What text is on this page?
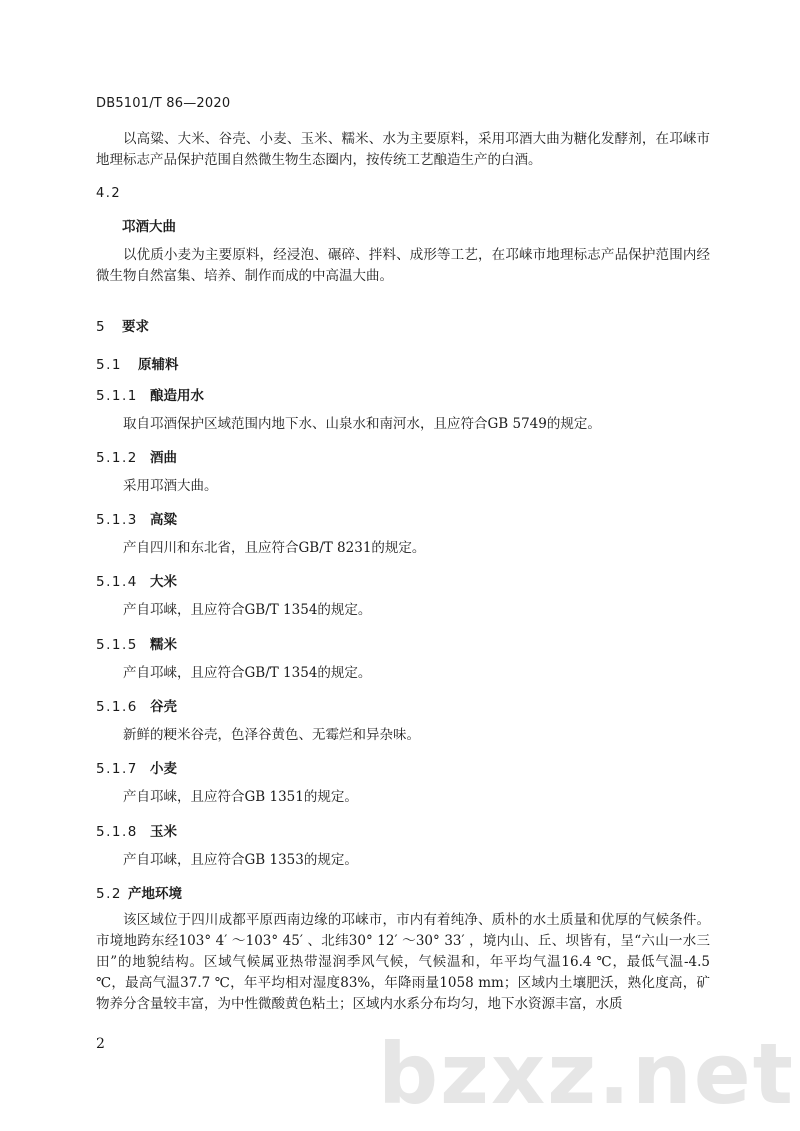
DB5101/T 86—2020

以高粱、大米、谷壳、小麦、玉米、糯米、水为主要原料，采用邛酒大曲为糖化发酵剂，在邛崃市地理标志产品保护范围自然微生物生态圈内，按传统工艺酿造生产的白酒。

4.2
邛酒大曲

以优质小麦为主要原料，经浸泡、碾碎、拌料、成形等工艺，在邛崃市地理标志产品保护范围内经微生物自然富集、培养、制作而成的中高温大曲。

5 要求
5.1 原辅料
5.1.1 酿造用水

取自邛酒保护区域范围内地下水、山泉水和南河水，且应符合GB 5749的规定。

5.1.2 酒曲

采用邛酒大曲。

5.1.3 高粱

产自四川和东北省，且应符合GB/T 8231的规定。

5.1.4 大米

产自邛崃，且应符合GB/T 1354的规定。

5.1.5 糯米

产自邛崃，且应符合GB/T 1354的规定。

5.1.6 谷壳

新鲜的粳米谷壳，色泽谷黄色、无霉烂和异杂味。

5.1.7 小麦

产自邛崃，且应符合GB 1351的规定。

5.1.8 玉米

产自邛崃，且应符合GB 1353的规定。

5.2 产地环境

该区域位于四川成都平原西南边缘的邛崃市，市内有着纯净、质朴的水土质量和优厚的气候条件。市境地跨东经103° 4′ ～103° 45′ 、北纬30° 12′ ～30° 33′ ，境内山、丘、坝皆有，呈“六山一水三田”的地貌结构。区域气候属亚热带湿润季风气候，气候温和，年平均气温16.4 ℃，最低气温-4.5 ℃，最高气温37.7 ℃，年平均相对湿度83%，年降雨量1058 mm；区域内土壤肥沃，熟化度高，矿物养分含量较丰富，为中性微酸黄色粘土；区域内水系分布均匀，地下水资源丰富，水质

2	bzxz.net
